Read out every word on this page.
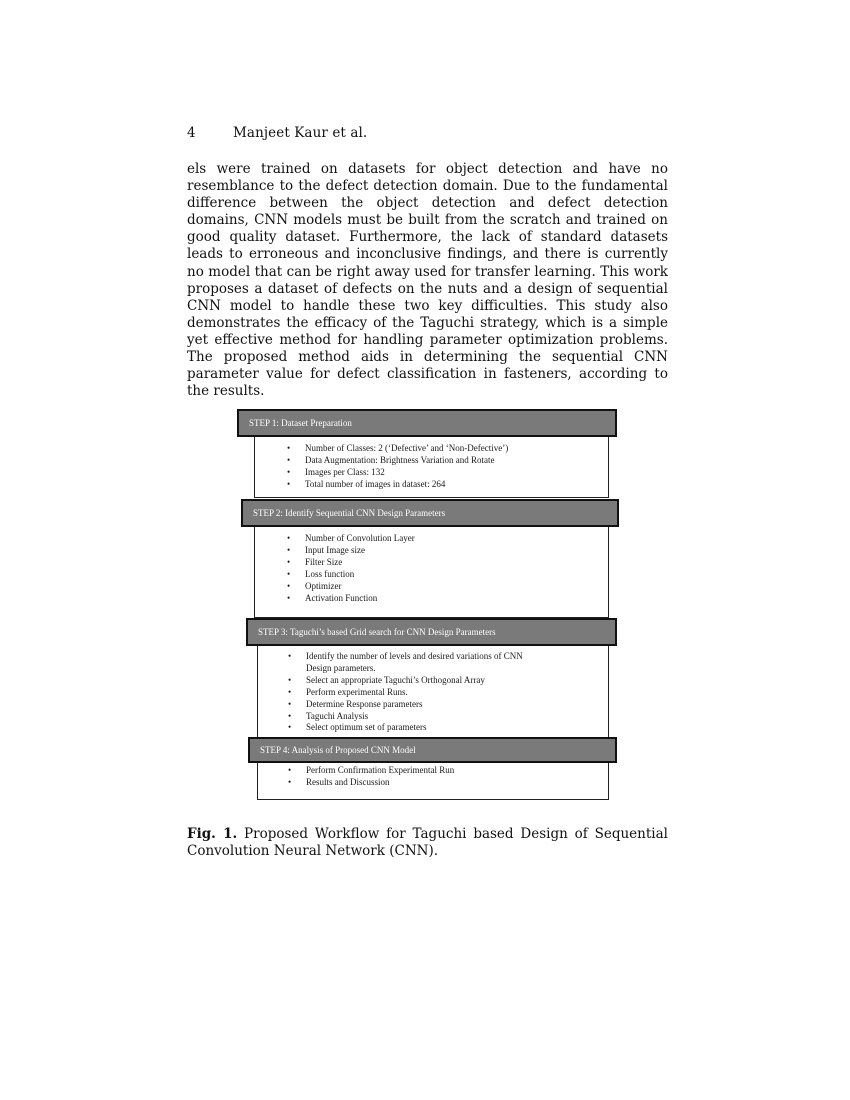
4	Manjeet Kaur et al.

els were trained on datasets for object detection and have no resemblance to the defect detection domain. Due to the fundamental difference between the object detection and defect detection domains, CNN models must be built from the scratch and trained on good quality dataset. Furthermore, the lack of standard datasets leads to erroneous and inconclusive findings, and there is currently no model that can be right away used for transfer learning. This work proposes a dataset of defects on the nuts and a design of sequential CNN model to handle these two key difficulties. This study also demonstrates the efficacy of the Taguchi strategy, which is a simple yet effective method for handling parameter optimization problems. The proposed method aids in determining the sequential CNN parameter value for defect classification in fasteners, according to the results.

• Number of Classes: 2 (‘Defective’ and ‘Non-Defective’)
• Data Augmentation: Brightness Variation and Rotate
• Images per Class: 132
• Total number of images in dataset: 264
STEP 1: Dataset Preparation
• Number of Convolution Layer
• Input Image size
• Filter Size
• Loss function
• Optimizer
• Activation Function
STEP 2: Identify Sequential CNN Design Parameters
• Identify the number of levels and desired variations of CNN Design parameters.
• Select an appropriate Taguchi’s Orthogonal Array
• Perform experimental Runs.
• Determine Response parameters
• Taguchi Analysis
• Select optimum set of parameters
STEP 3: Taguchi’s based Grid search for CNN Design Parameters
• Perform Confirmation Experimental Run
• Results and Discussion
STEP 4: Analysis of Proposed CNN Model

Fig. 1. Proposed Workflow for Taguchi based Design of Sequential Convolution Neural Network (CNN).
